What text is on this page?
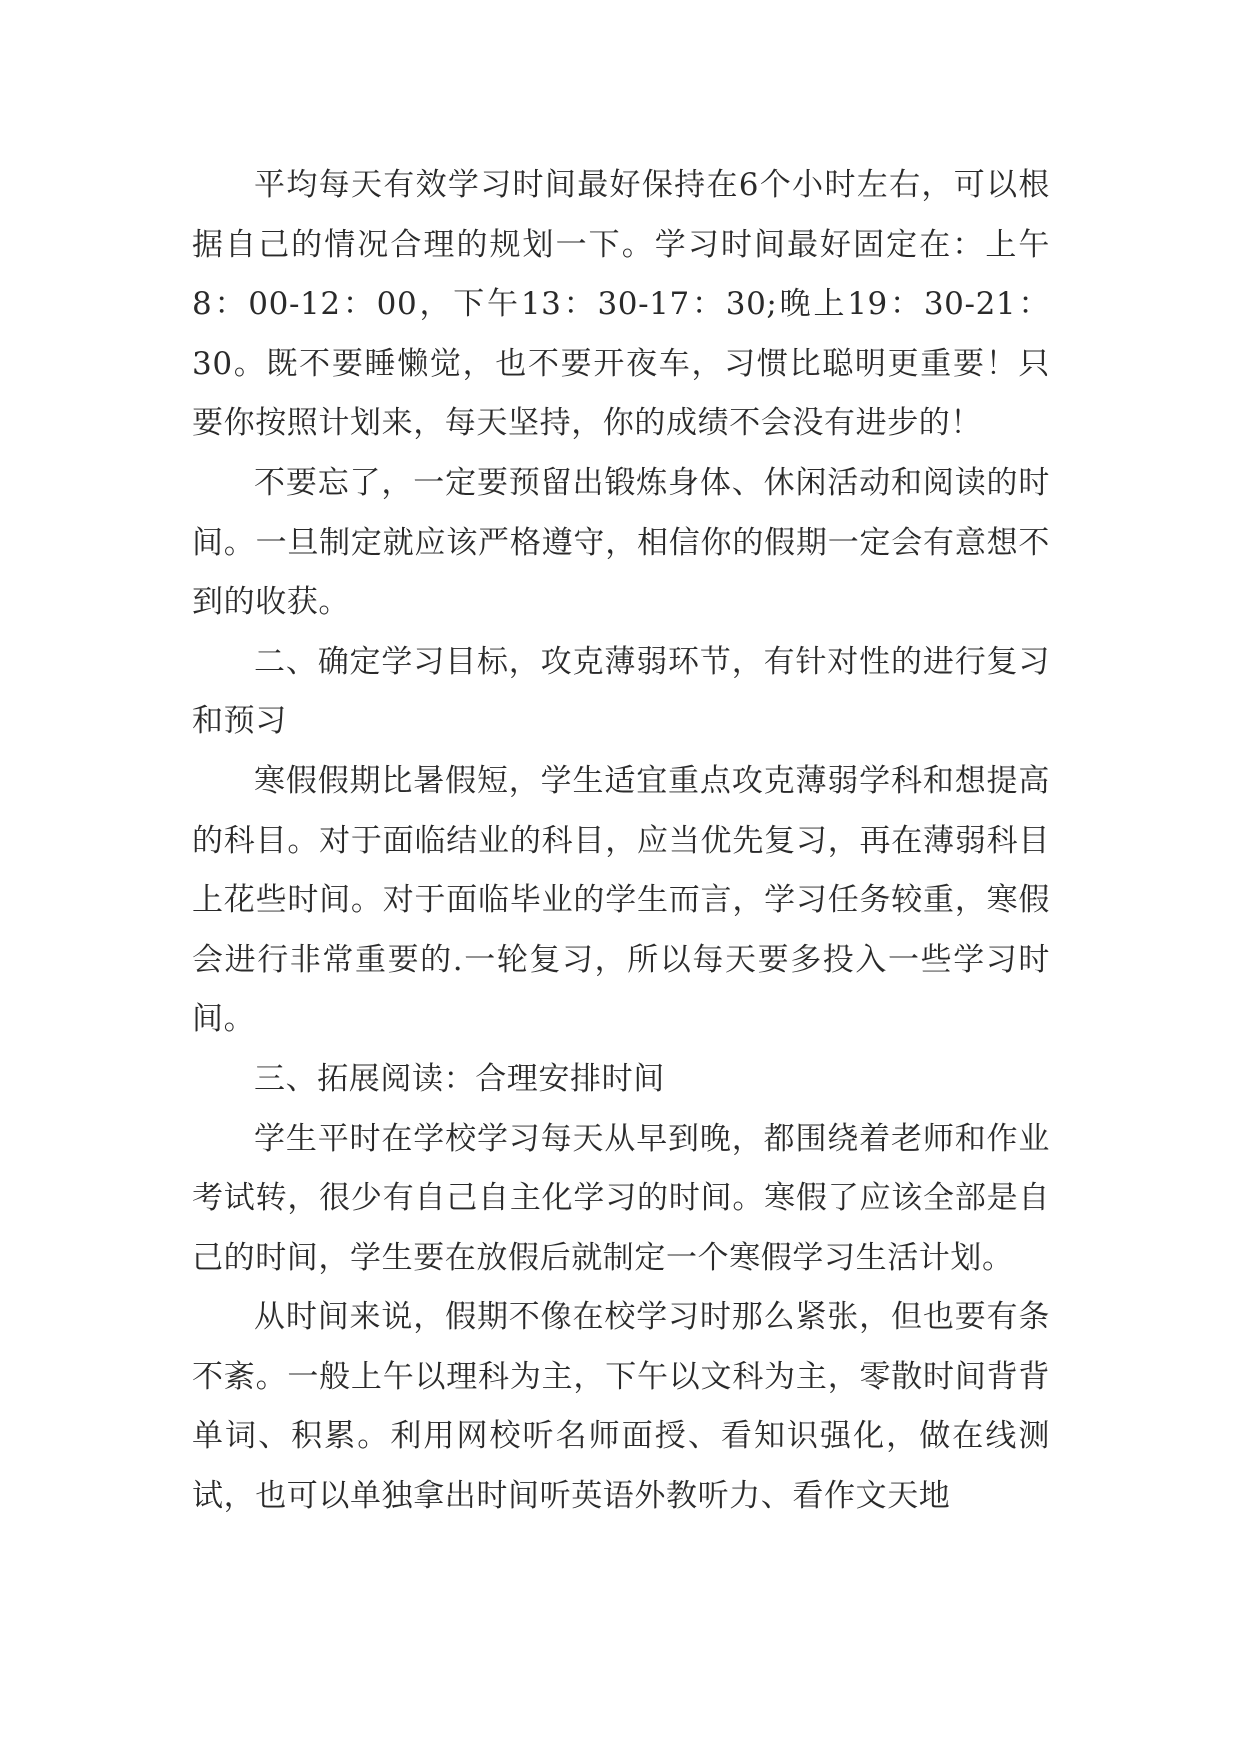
平均每天有效学习时间最好保持在6个小时左右，可以根据自己的情况合理的规划一下。学习时间最好固定在：上午8：00-12：00，下午13：30-17：30;晚上19：30-21：30。既不要睡懒觉，也不要开夜车，习惯比聪明更重要！只要你按照计划来，每天坚持，你的成绩不会没有进步的！

不要忘了，一定要预留出锻炼身体、休闲活动和阅读的时间。一旦制定就应该严格遵守，相信你的假期一定会有意想不到的收获。

二、确定学习目标，攻克薄弱环节，有针对性的进行复习和预习

寒假假期比暑假短，学生适宜重点攻克薄弱学科和想提高的科目。对于面临结业的科目，应当优先复习，再在薄弱科目上花些时间。对于面临毕业的学生而言，学习任务较重，寒假会进行非常重要的.一轮复习，所以每天要多投入一些学习时间。

三、拓展阅读：合理安排时间

学生平时在学校学习每天从早到晚，都围绕着老师和作业考试转，很少有自己自主化学习的时间。寒假了应该全部是自己的时间，学生要在放假后就制定一个寒假学习生活计划。

从时间来说，假期不像在校学习时那么紧张，但也要有条不紊。一般上午以理科为主，下午以文科为主，零散时间背背单词、积累。利用网校听名师面授、看知识强化，做在线测试，也可以单独拿出时间听英语外教听力、看作文天地
